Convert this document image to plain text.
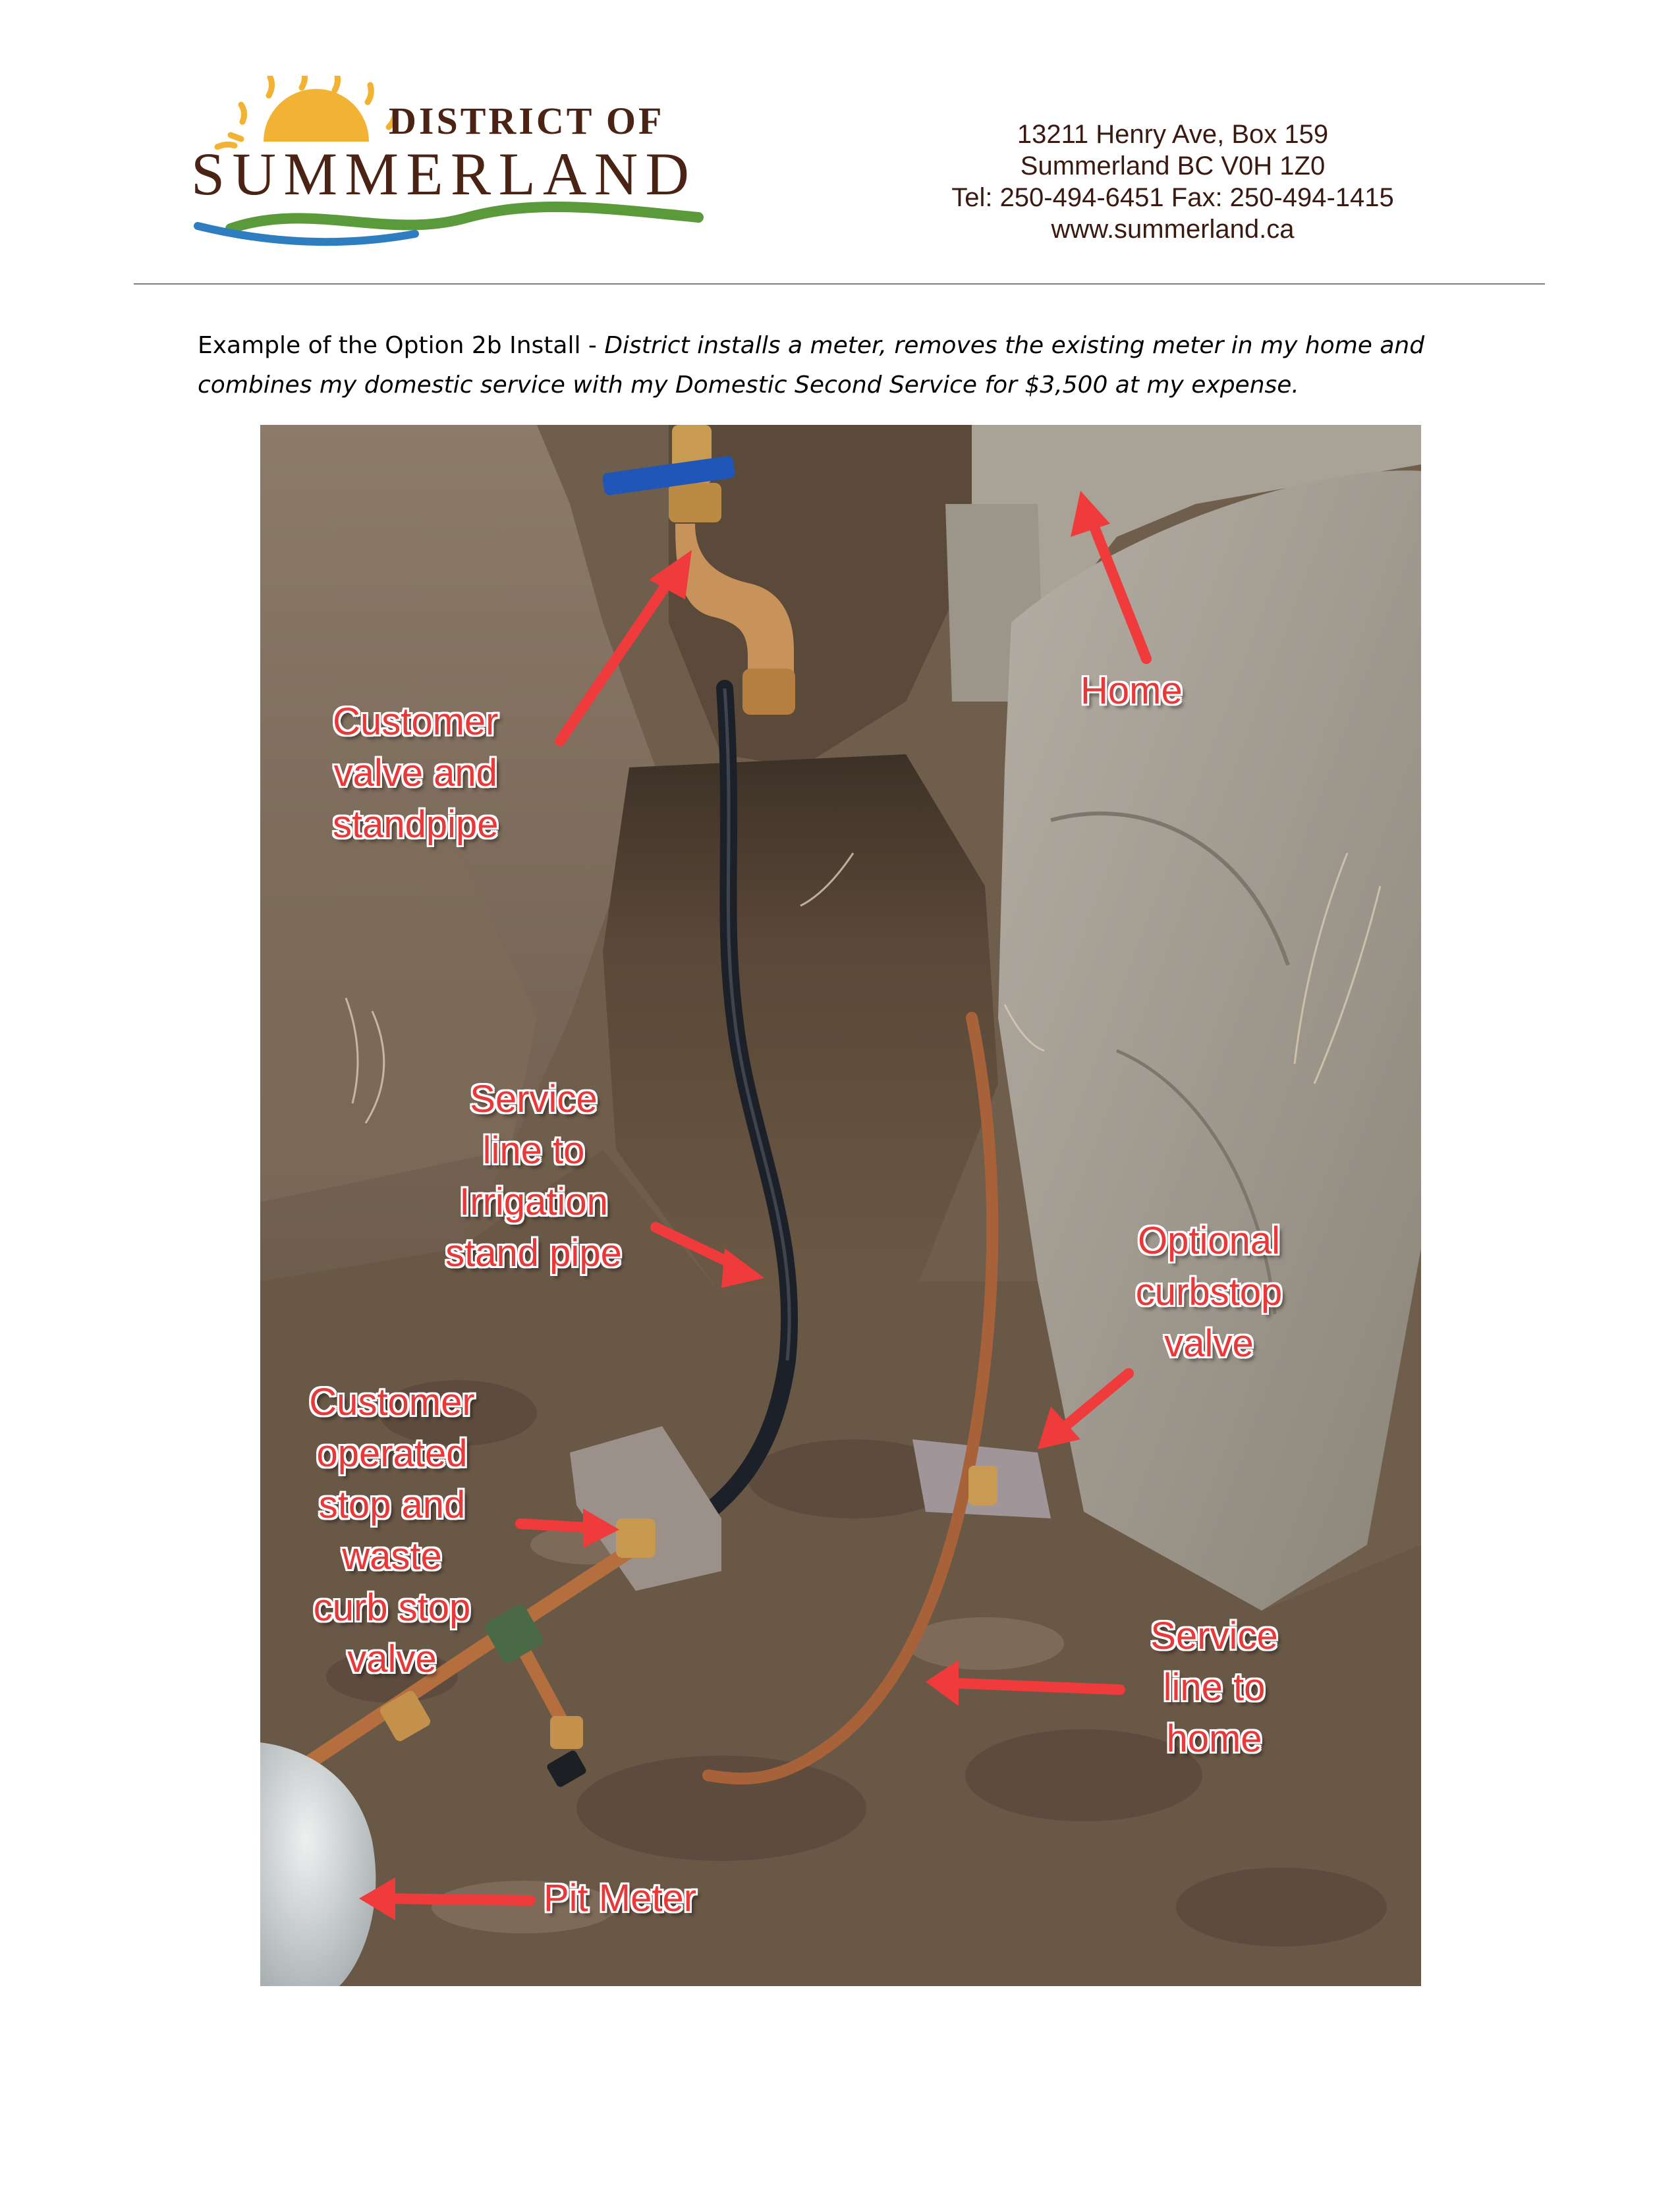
DISTRICT OF
SUMMERLAND
13211 Henry Ave, Box 159
Summerland BC V0H 1Z0
Tel: 250-494-6451 Fax: 250-494-1415
www.summerland.ca
Example of the Option 2b Install - District installs a meter, removes the existing meter in my home and combines my domestic service with my Domestic Second Service for $3,500 at my expense.
Customer
valve and
standpipe
Home
Service
line to
Irrigation
stand pipe	Optional
curbstop
valve
Customer
operated
stop and
waste
curb stop
valve
Service
line to
home
Pit Meter
